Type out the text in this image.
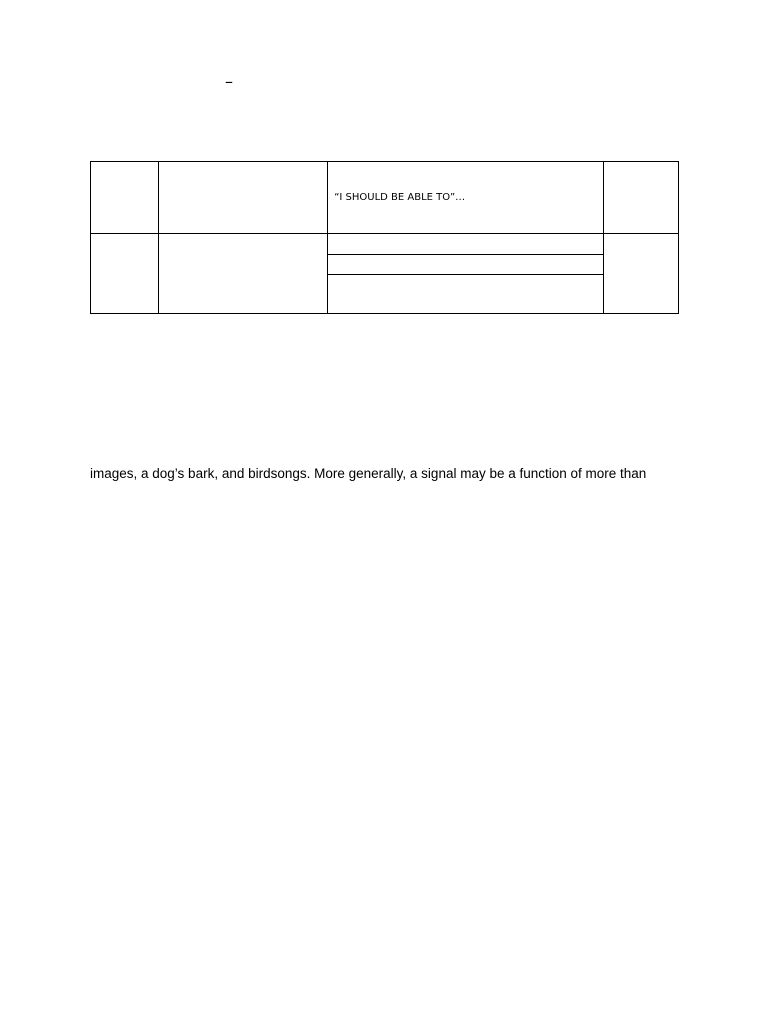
–
		“I SHOULD BE ABLE TO”…	

images, a dog’s bark, and birdsongs. More generally, a signal may be a function of more than
